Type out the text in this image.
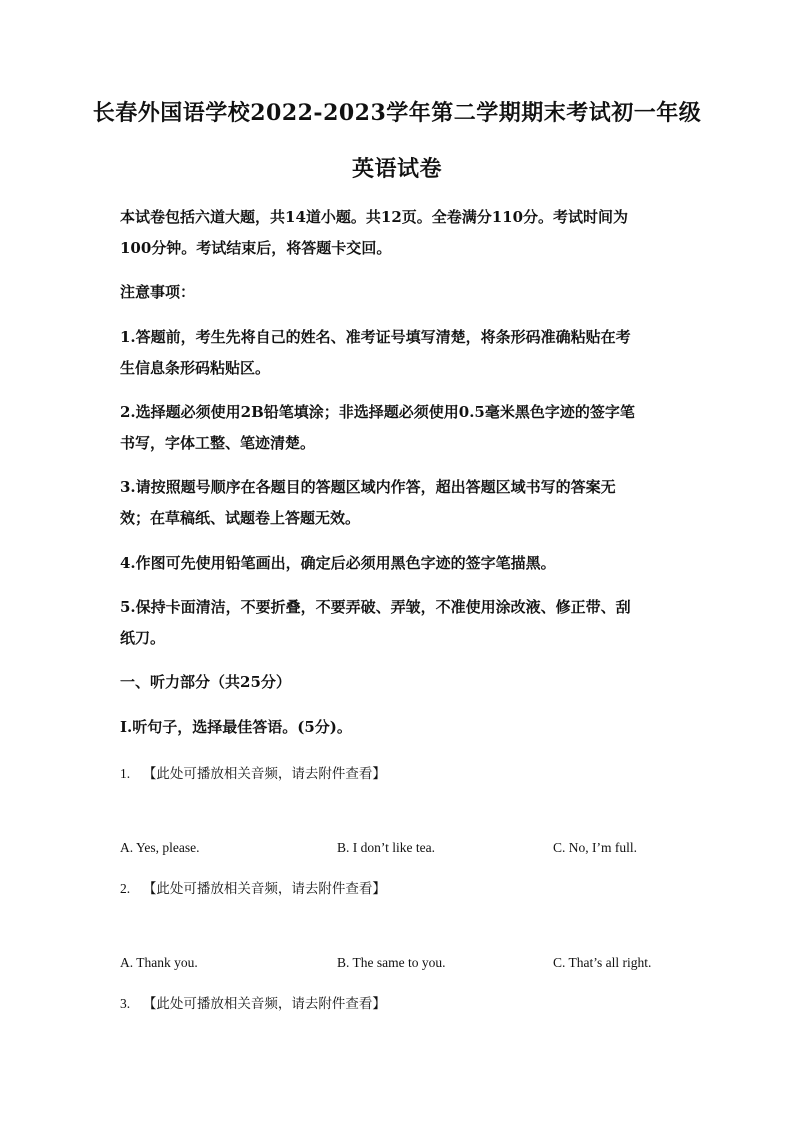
长春外国语学校2022-2023学年第二学期期末考试初一年级
英语试卷
本试卷包括六道大题，共14道小题。共12页。全卷满分110分。考试时间为
100分钟。考试结束后，将答题卡交回。
注意事项：
1.答题前，考生先将自己的姓名、准考证号填写清楚，将条形码准确粘贴在考
生信息条形码粘贴区。
2.选择题必须使用2B铅笔填涂；非选择题必须使用0.5毫米黑色字迹的签字笔
书写，字体工整、笔迹清楚。
3.请按照题号顺序在各题目的答题区域内作答，超出答题区域书写的答案无
效；在草稿纸、试题卷上答题无效。
4.作图可先使用铅笔画出，确定后必须用黑色字迹的签字笔描黑。
5.保持卡面清洁，不要折叠，不要弄破、弄皱，不准使用涂改液、修正带、刮
纸刀。
一、听力部分（共25分）
I.听句子，选择最佳答语。(5分)。
1. 【此处可播放相关音频，请去附件查看】
A. Yes, please.	B. I don’t like tea.	C. No, I’m full.
2. 【此处可播放相关音频，请去附件查看】
A. Thank you.	B. The same to you.	C. That’s all right.
3. 【此处可播放相关音频，请去附件查看】
